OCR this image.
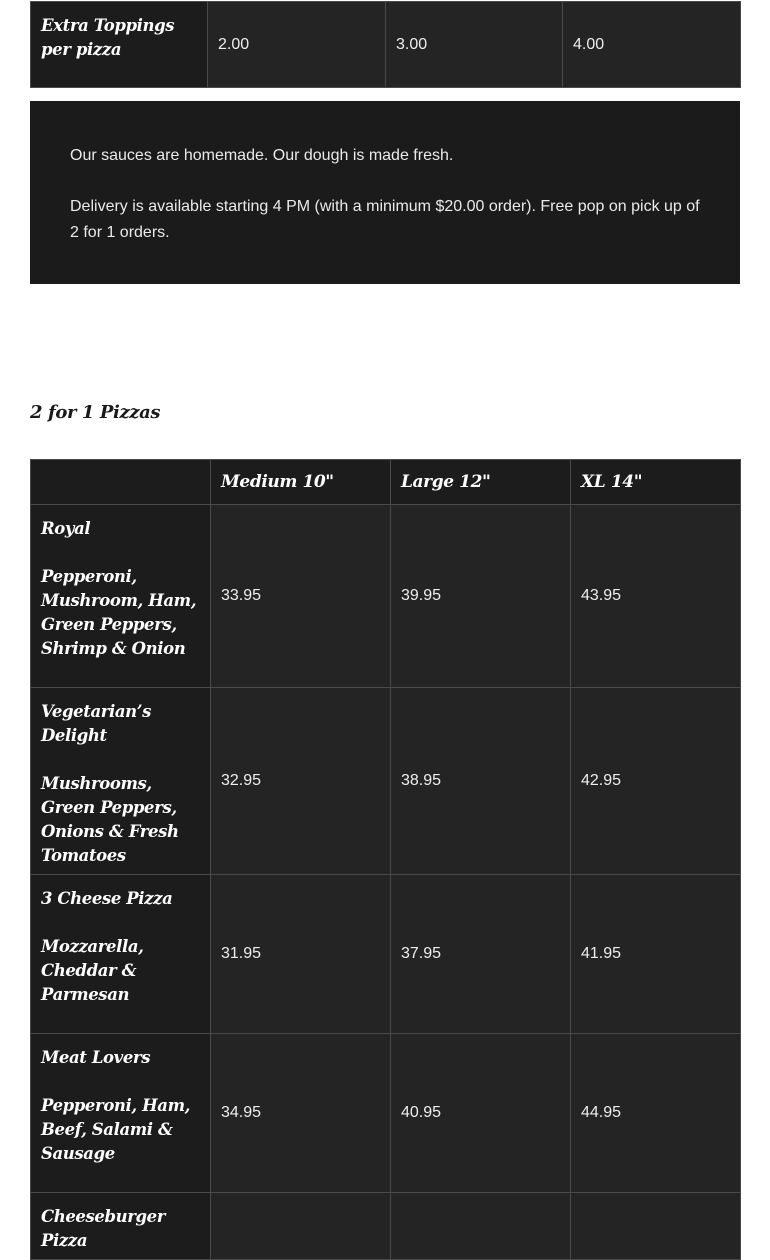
Extra Toppings per pizza	2.00	3.00	4.00

Our sauces are homemade. Our dough is made fresh.

Delivery is available starting 4 PM (with a minimum $20.00 order). Free pop on pick up of 2 for 1 orders.

2 for 1 Pizzas
	Medium 10"	Large 12"	XL 14"
Royal
Pepperoni, Mushroom, Ham, Green Peppers, Shrimp & Onion	33.95	39.95	43.95
Vegetarian’s Delight
Mushrooms, Green Peppers, Onions & Fresh Tomatoes	32.95	38.95	42.95
3 Cheese Pizza
Mozzarella, Cheddar & Parmesan	31.95	37.95	41.95
Meat Lovers
Pepperoni, Ham, Beef, Salami & Sausage	34.95	40.95	44.95
Cheeseburger Pizza			
